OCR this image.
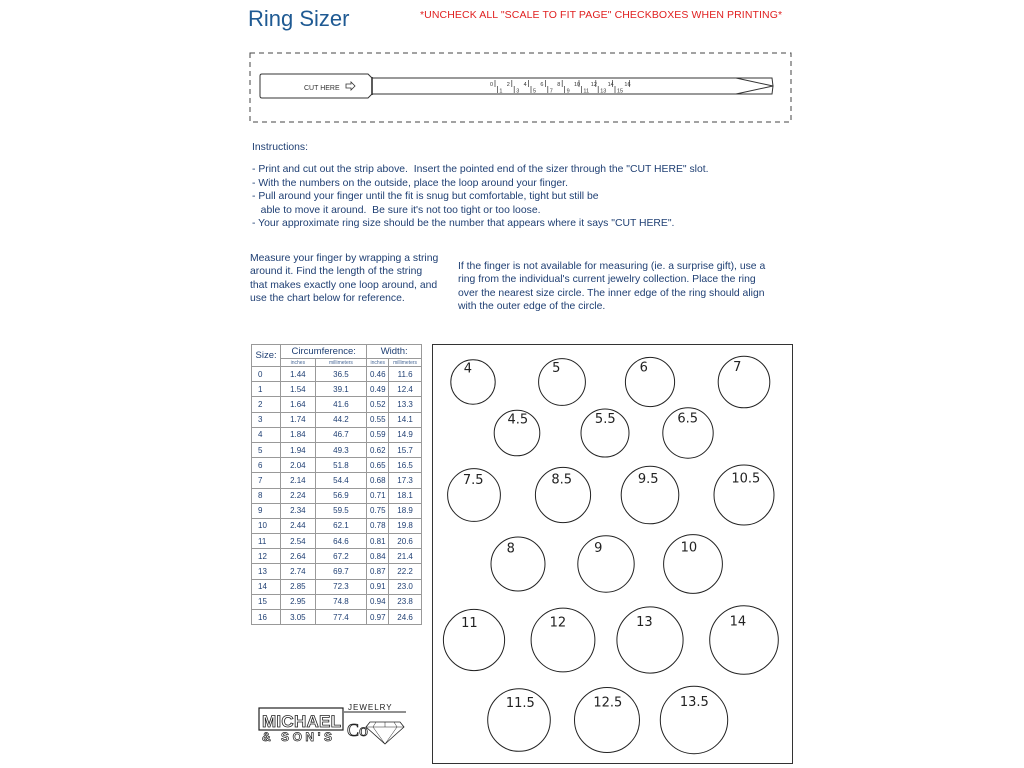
Ring Sizer	*UNCHECK ALL "SCALE TO FIT PAGE" CHECKBOXES WHEN PRINTING*
CUT HERE	0
1
2
3
4
5
6
7
8
9
10
11
12
13
14
15
16
Instructions:
- Print and cut out the strip above.  Insert the pointed end of the sizer through the "CUT HERE" slot.
- With the numbers on the outside, place the loop around your finger.
- Pull around your finger until the fit is snug but comfortable, tight but still be
able to move it around.  Be sure it's not too tight or too loose.
- Your approximate ring size should be the number that appears where it says "CUT HERE".
Measure your finger by wrapping a string around it. Find the length of the string that makes exactly one loop around, and use the chart below for reference.
If the finger is not available for measuring (ie. a surprise gift), use a ring from the individual's current jewelry collection. Place the ring over the nearest size circle. The inner edge of the ring should align with the outer edge of the circle.
Size:	Circumference:		Width:	
	inches	millimeters	inches	millimeters
0	1.44	36.5	0.46	11.6
1	1.54	39.1	0.49	12.4
2	1.64	41.6	0.52	13.3
3	1.74	44.2	0.55	14.1
4	1.84	46.7	0.59	14.9
5	1.94	49.3	0.62	15.7
6	2.04	51.8	0.65	16.5
7	2.14	54.4	0.68	17.3
8	2.24	56.9	0.71	18.1
9	2.34	59.5	0.75	18.9
10	2.44	62.1	0.78	19.8
11	2.54	64.6	0.81	20.6
12	2.64	67.2	0.84	21.4
13	2.74	69.7	0.87	22.2
14	2.85	72.3	0.91	23.0
15	2.95	74.8	0.94	23.8
16	3.05	77.4	0.97	24.6
4	5	6	7
4.5	5.5	6.5
7.5	8.5	9.5	10.5
8	9	10
11	12	13	14
11.5	12.5	13.5
MICHAEL
& SON'S
JEWELRY
Co
